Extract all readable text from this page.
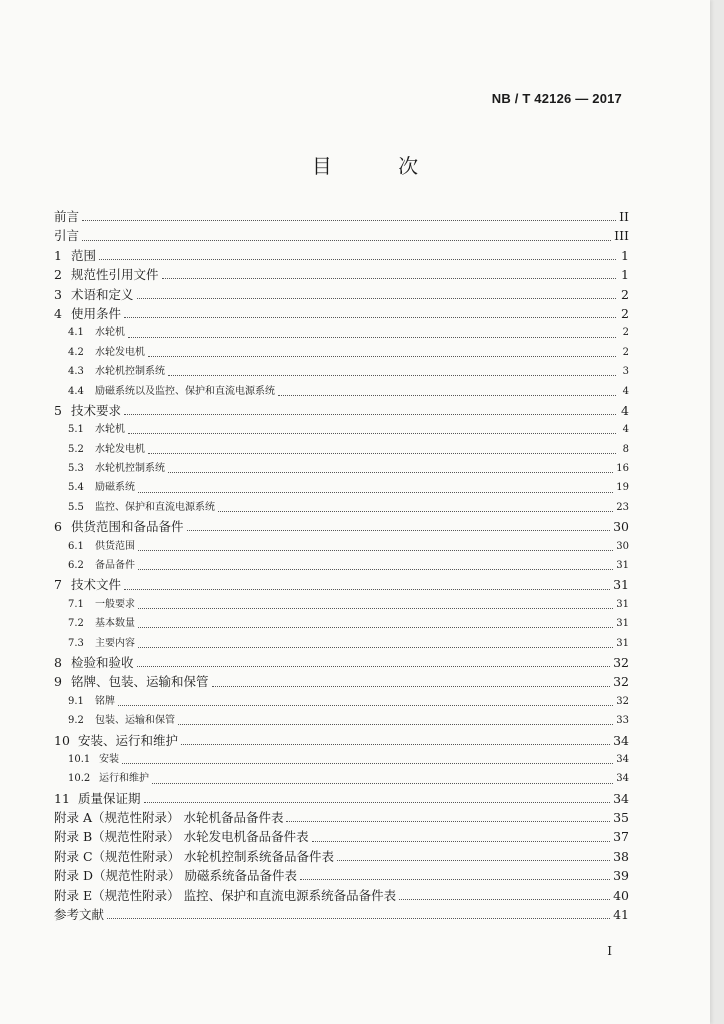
NB / T 42126 — 2017
目 次
前言	II
引言	III
1 范围	1
2 规范性引用文件	1
3 术语和定义	2
4 使用条件	2
4.1 水轮机	2
4.2 水轮发电机	2
4.3 水轮机控制系统	3
4.4 励磁系统以及监控、保护和直流电源系统	4
5 技术要求	4
5.1 水轮机	4
5.2 水轮发电机	8
5.3 水轮机控制系统	16
5.4 励磁系统	19
5.5 监控、保护和直流电源系统	23
6 供货范围和备品备件	30
6.1 供货范围	30
6.2 备品备件	31
7 技术文件	31
7.1 一般要求	31
7.2 基本数量	31
7.3 主要内容	31
8 检验和验收	32
9 铭牌、包装、运输和保管	32
9.1 铭牌	32
9.2 包装、运输和保管	33
10 安装、运行和维护	34
10.1 安装	34
10.2 运行和维护	34
11 质量保证期	34
附录 A（规范性附录） 水轮机备品备件表	35
附录 B（规范性附录） 水轮发电机备品备件表	37
附录 C（规范性附录） 水轮机控制系统备品备件表	38
附录 D（规范性附录） 励磁系统备品备件表	39
附录 E（规范性附录） 监控、保护和直流电源系统备品备件表	40
参考文献	41
I
